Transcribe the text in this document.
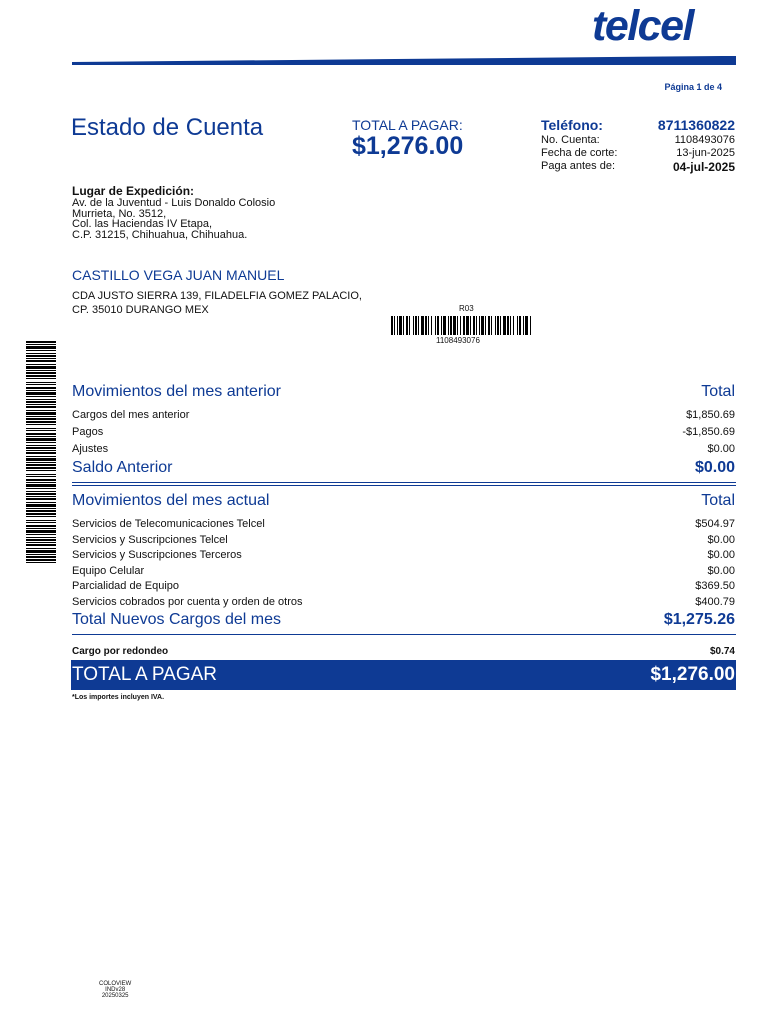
telcel
Página 1 de 4
Estado de Cuenta	TOTAL A PAGAR:
$1,276.00
Teléfono:	8711360822
No. Cuenta:	1108493076
Fecha de corte:	13-jun-2025
Paga antes de:	04-jul-2025
Lugar de Expedición:
Av. de la Juventud - Luis Donaldo Colosio
Murrieta, No. 3512,
Col. las Haciendas IV Etapa,
C.P. 31215, Chihuahua, Chihuahua.
CASTILLO VEGA JUAN MANUEL
CDA JUSTO SIERRA 139, FILADELFIA GOMEZ PALACIO,
CP. 35010 DURANGO MEX	R03
1108493076
Movimientos del mes anterior	Total
Cargos del mes anterior	$1,850.69
Pagos	-$1,850.69
Ajustes	$0.00
Saldo Anterior	$0.00
Movimientos del mes actual	Total
Servicios de Telecomunicaciones Telcel	$504.97
Servicios y Suscripciones Telcel	$0.00
Servicios y Suscripciones Terceros	$0.00
Equipo Celular	$0.00
Parcialidad de Equipo	$369.50
Servicios cobrados por cuenta y orden de otros	$400.79
Total Nuevos Cargos del mes	$1,275.26
Cargo por redondeo	$0.74
TOTAL A PAGAR	$1,276.00
*Los importes incluyen IVA.
COLOVIEW
INDv28
20250325
